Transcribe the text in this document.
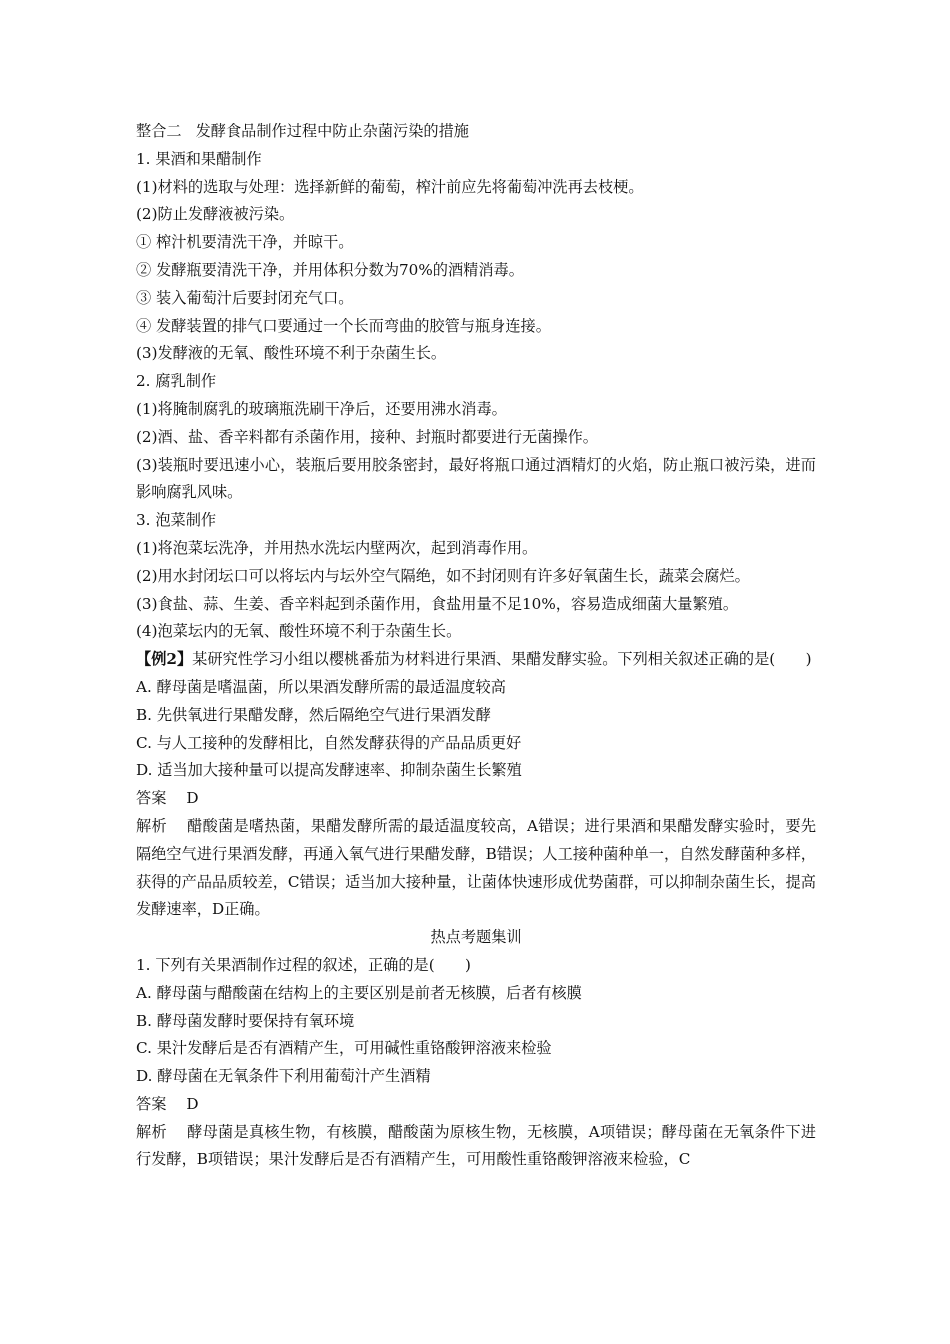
整合二 发酵食品制作过程中防止杂菌污染的措施

1. 果酒和果醋制作

(1)材料的选取与处理：选择新鲜的葡萄，榨汁前应先将葡萄冲洗再去枝梗。

(2)防止发酵液被污染。

① 榨汁机要清洗干净，并晾干。

② 发酵瓶要清洗干净，并用体积分数为70%的酒精消毒。

③ 装入葡萄汁后要封闭充气口。

④ 发酵装置的排气口要通过一个长而弯曲的胶管与瓶身连接。

(3)发酵液的无氧、酸性环境不利于杂菌生长。

2. 腐乳制作

(1)将腌制腐乳的玻璃瓶洗刷干净后，还要用沸水消毒。

(2)酒、盐、香辛料都有杀菌作用，接种、封瓶时都要进行无菌操作。

(3)装瓶时要迅速小心，装瓶后要用胶条密封，最好将瓶口通过酒精灯的火焰，防止瓶口被污染，进而影响腐乳风味。

3. 泡菜制作

(1)将泡菜坛洗净，并用热水洗坛内壁两次，起到消毒作用。

(2)用水封闭坛口可以将坛内与坛外空气隔绝，如不封闭则有许多好氧菌生长，蔬菜会腐烂。

(3)食盐、蒜、生姜、香辛料起到杀菌作用，食盐用量不足10%，容易造成细菌大量繁殖。

(4)泡菜坛内的无氧、酸性环境不利于杂菌生长。

【例2】某研究性学习小组以樱桃番茄为材料进行果酒、果醋发酵实验。下列相关叙述正确的是(　　)

A. 酵母菌是嗜温菌，所以果酒发酵所需的最适温度较高

B. 先供氧进行果醋发酵，然后隔绝空气进行果酒发酵

C. 与人工接种的发酵相比，自然发酵获得的产品品质更好

D. 适当加大接种量可以提高发酵速率、抑制杂菌生长繁殖

答案 D

解析 醋酸菌是嗜热菌，果醋发酵所需的最适温度较高，A错误；进行果酒和果醋发酵实验时，要先隔绝空气进行果酒发酵，再通入氧气进行果醋发酵，B错误；人工接种菌种单一，自然发酵菌种多样，获得的产品品质较差，C错误；适当加大接种量，让菌体快速形成优势菌群，可以抑制杂菌生长，提高发酵速率，D正确。

热点考题集训

1. 下列有关果酒制作过程的叙述，正确的是(　　)

A. 酵母菌与醋酸菌在结构上的主要区别是前者无核膜，后者有核膜

B. 酵母菌发酵时要保持有氧环境

C. 果汁发酵后是否有酒精产生，可用碱性重铬酸钾溶液来检验

D. 酵母菌在无氧条件下利用葡萄汁产生酒精

答案 D

解析 酵母菌是真核生物，有核膜，醋酸菌为原核生物，无核膜，A项错误；酵母菌在无氧条件下进行发酵，B项错误；果汁发酵后是否有酒精产生，可用酸性重铬酸钾溶液来检验，C
